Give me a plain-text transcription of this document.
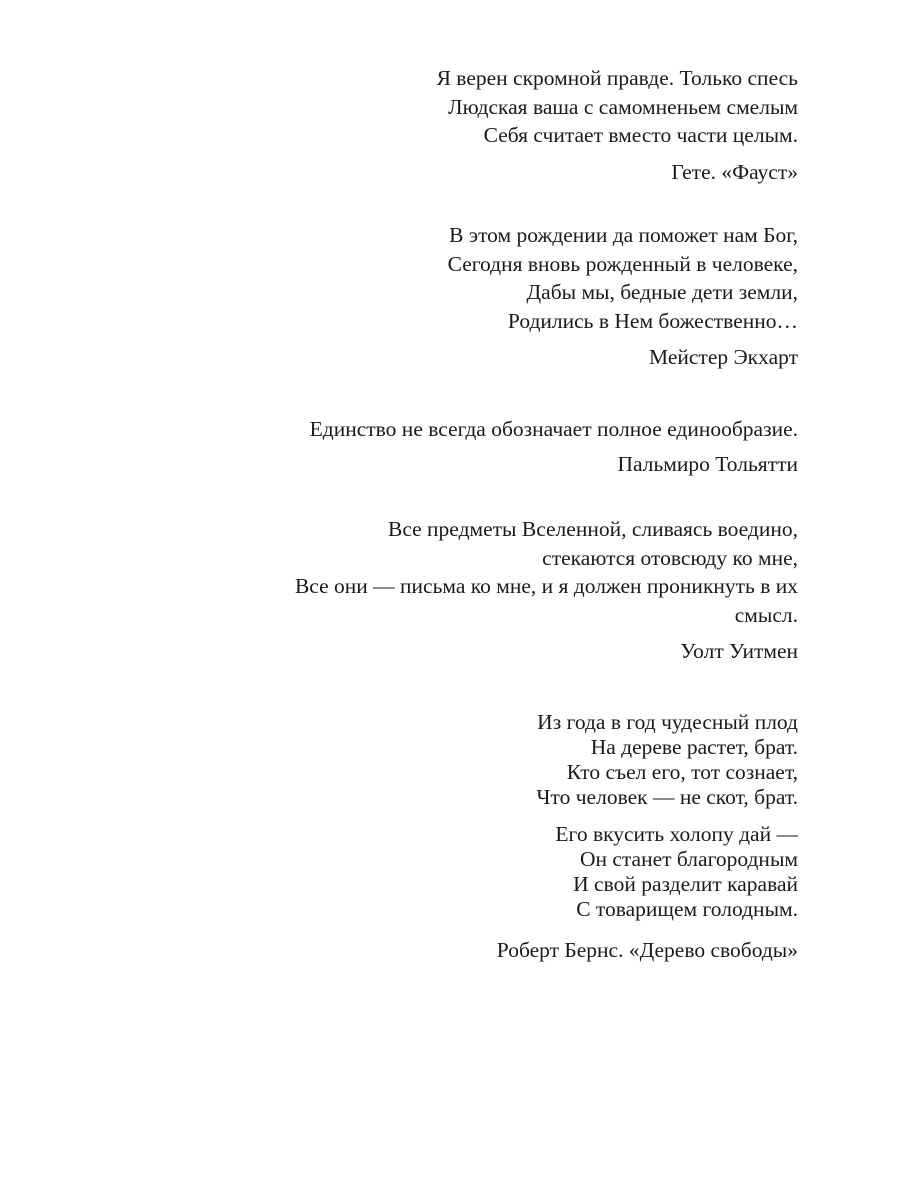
Я верен скромной правде. Только спесь
Людская ваша с самомненьем смелым
Себя считает вместо части целым.
Гете. «Фауст»
В этом рождении да поможет нам Бог,
Сегодня вновь рожденный в человеке,
Дабы мы, бедные дети земли,
Родились в Нем божественно…
Мейстер Экхарт
Единство не всегда обозначает полное единообразие.
Пальмиро Тольятти
Все предметы Вселенной, сливаясь воедино,
стекаются отовсюду ко мне,
Все они — письма ко мне, и я должен проникнуть в их
смысл.
Уолт Уитмен
Из года в год чудесный плод
На дереве растет, брат.
Кто съел его, тот сознает,
Что человек — не скот, брат.
Его вкусить холопу дай —
Он станет благородным
И свой разделит каравай
С товарищем голодным.
Роберт Бернс. «Дерево свободы»
